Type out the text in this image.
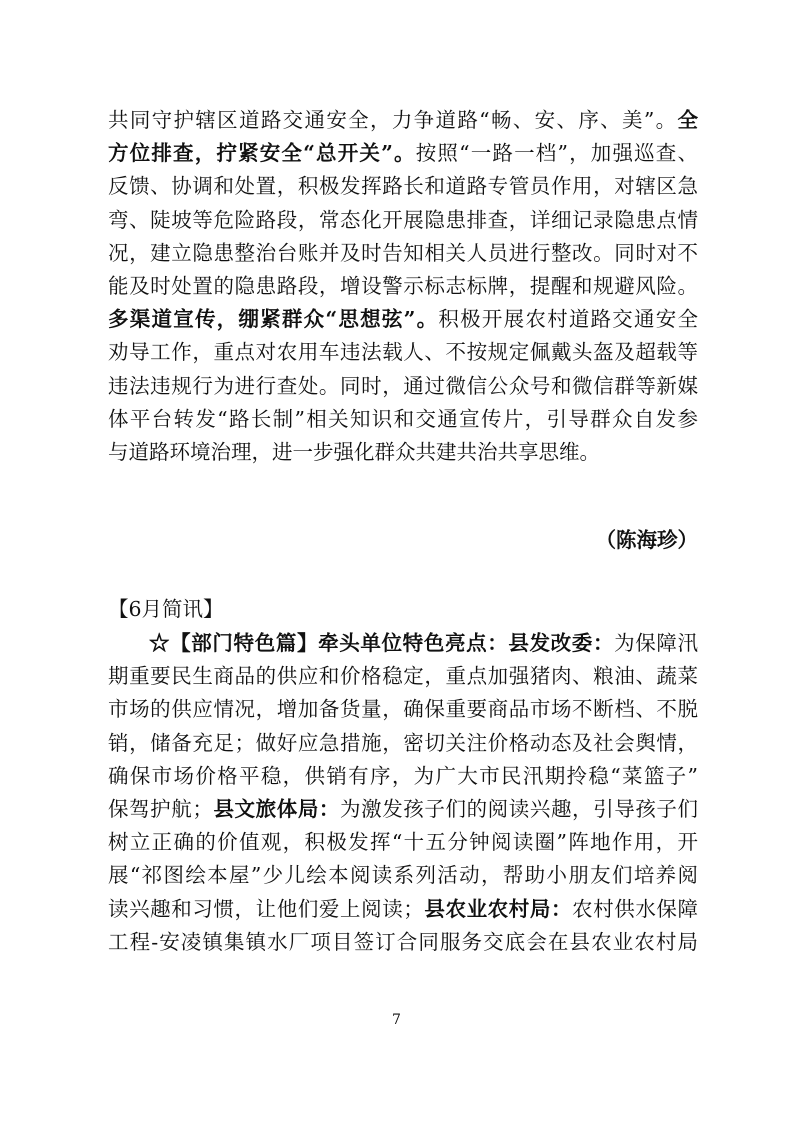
共同守护辖区道路交通安全，力争道路“畅、安、序、美”。全
方位排查，拧紧安全“总开关”。按照“一路一档”，加强巡查、
反馈、协调和处置，积极发挥路长和道路专管员作用，对辖区急
弯、陡坡等危险路段，常态化开展隐患排查，详细记录隐患点情
况，建立隐患整治台账并及时告知相关人员进行整改。同时对不
能及时处置的隐患路段，增设警示标志标牌，提醒和规避风险。
多渠道宣传，绷紧群众“思想弦”。积极开展农村道路交通安全
劝导工作，重点对农用车违法载人、不按规定佩戴头盔及超载等
违法违规行为进行查处。同时，通过微信公众号和微信群等新媒
体平台转发“路长制”相关知识和交通宣传片，引导群众自发参
与道路环境治理，进一步强化群众共建共治共享思维。
（陈海珍）
【6月简讯】
☆【部门特色篇】牵头单位特色亮点：县发改委：为保障汛
期重要民生商品的供应和价格稳定，重点加强猪肉、粮油、蔬菜
市场的供应情况，增加备货量，确保重要商品市场不断档、不脱
销，储备充足；做好应急措施，密切关注价格动态及社会舆情，
确保市场价格平稳，供销有序，为广大市民汛期拎稳“菜篮子”
保驾护航；县文旅体局：为激发孩子们的阅读兴趣，引导孩子们
树立正确的价值观，积极发挥“十五分钟阅读圈”阵地作用，开
展“祁图绘本屋”少儿绘本阅读系列活动，帮助小朋友们培养阅
读兴趣和习惯，让他们爱上阅读；县农业农村局：农村供水保障
工程-安凌镇集镇水厂项目签订合同服务交底会在县农业农村局
7
